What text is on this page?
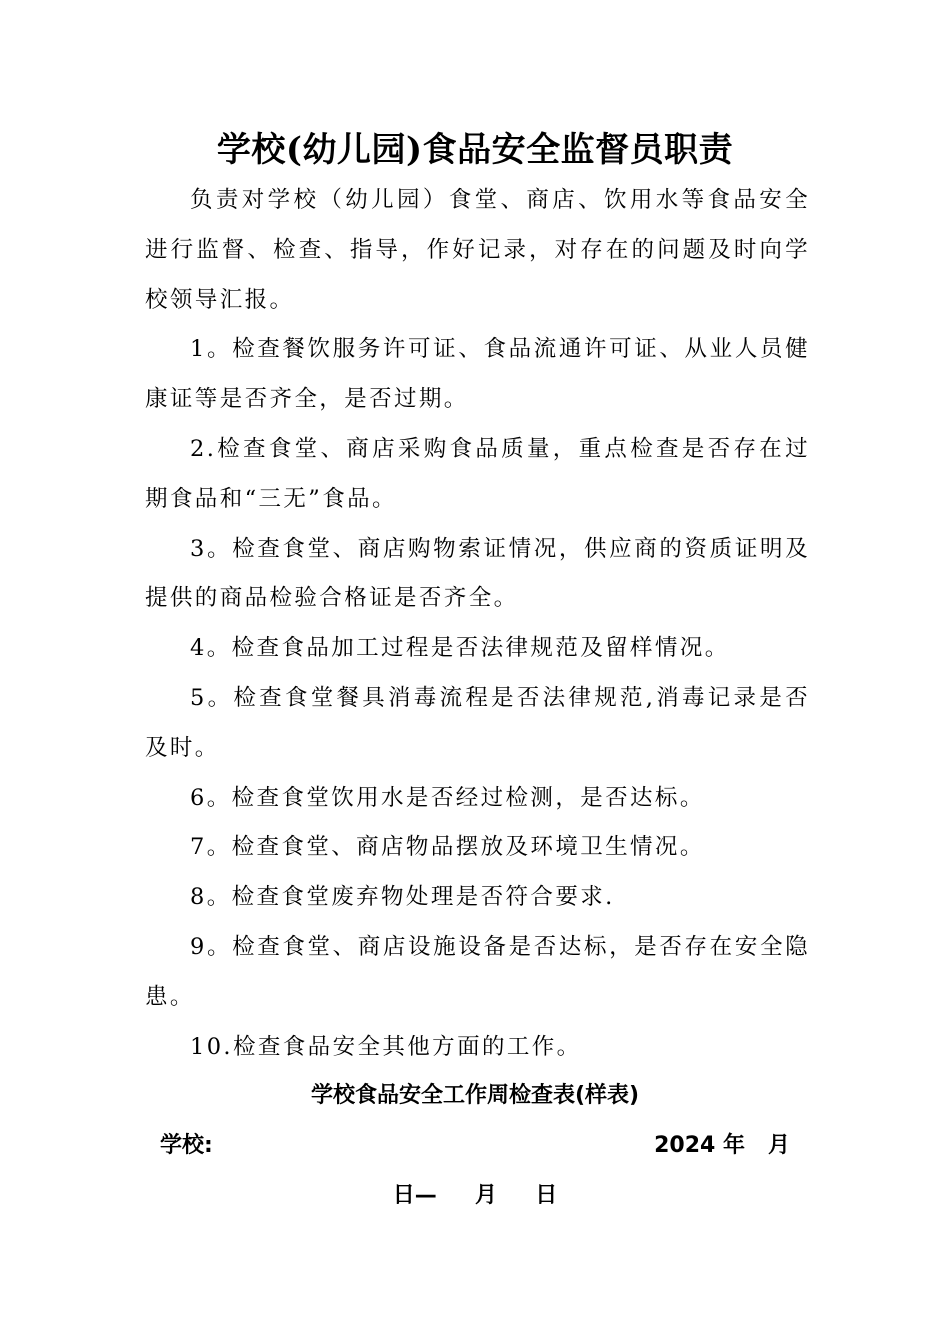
学校(幼儿园)食品安全监督员职责

负责对学校（幼儿园）食堂、商店、饮用水等食品安全进行监督、检查、指导，作好记录，对存在的问题及时向学校领导汇报。

1。检查餐饮服务许可证、食品流通许可证、从业人员健康证等是否齐全，是否过期。

2.检查食堂、商店采购食品质量，重点检查是否存在过期食品和“三无”食品。

3。检查食堂、商店购物索证情况，供应商的资质证明及提供的商品检验合格证是否齐全。

4。检查食品加工过程是否法律规范及留样情况。

5。检查食堂餐具消毒流程是否法律规范,消毒记录是否及时。

6。检查食堂饮用水是否经过检测，是否达标。

7。检查食堂、商店物品摆放及环境卫生情况。

8。检查食堂废弃物处理是否符合要求.

9。检查食堂、商店设施设备是否达标，是否存在安全隐患。

10.检查食品安全其他方面的工作。

学校食品安全工作周检查表(样表)
学校:	2024 年   月
日—     月     日
